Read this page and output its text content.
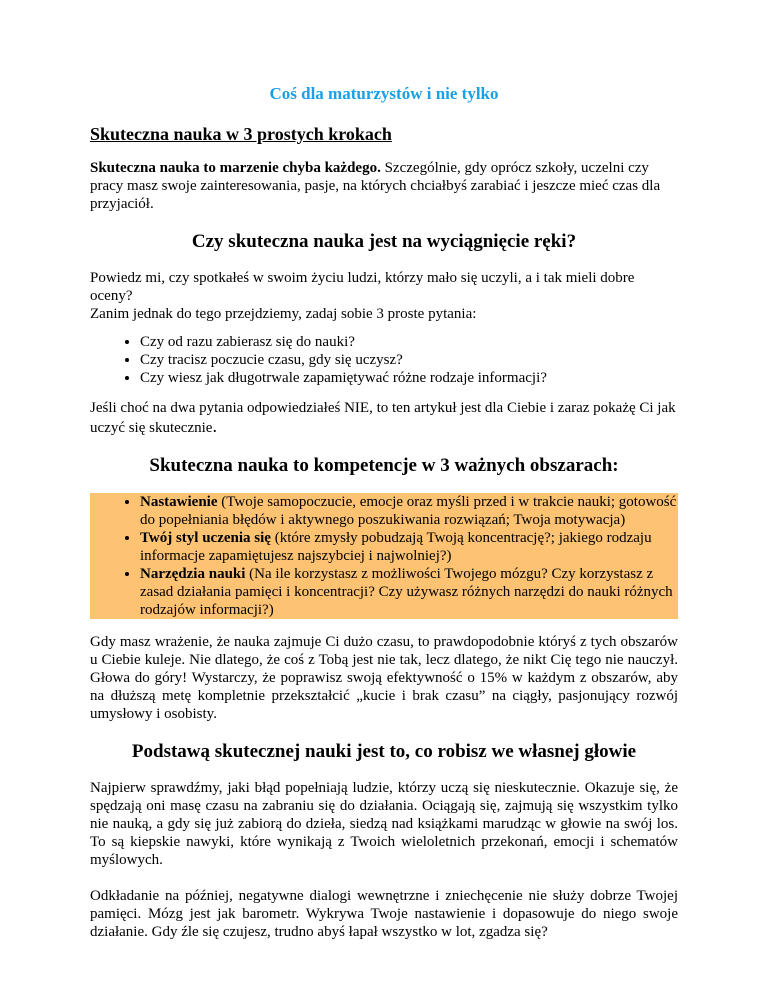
Coś dla maturzystów i nie tylko
Skuteczna nauka w 3 prostych krokach

Skuteczna nauka to marzenie chyba każdego. Szczególnie, gdy oprócz szkoły, uczelni czy pracy masz swoje zainteresowania, pasje, na których chciałbyś zarabiać i jeszcze mieć czas dla przyjaciół.

Czy skuteczna nauka jest na wyciągnięcie ręki?

Powiedz mi, czy spotkałeś w swoim życiu ludzi, którzy mało się uczyli, a i tak mieli dobre oceny?

Zanim jednak do tego przejdziemy, zadaj sobie 3 proste pytania:

• Czy od razu zabierasz się do nauki?
• Czy tracisz poczucie czasu, gdy się uczysz?
• Czy wiesz jak długotrwale zapamiętywać różne rodzaje informacji?

Jeśli choć na dwa pytania odpowiedziałeś NIE, to ten artykuł jest dla Ciebie i zaraz pokażę Ci jak uczyć się skutecznie.

Skuteczna nauka to kompetencje w 3 ważnych obszarach:
• Nastawienie (Twoje samopoczucie, emocje oraz myśli przed i w trakcie nauki; gotowość do popełniania błędów i aktywnego poszukiwania rozwiązań; Twoja motywacja)
• Twój styl uczenia się (które zmysły pobudzają Twoją koncentrację?; jakiego rodzaju informacje zapamiętujesz najszybciej i najwolniej?)
• Narzędzia nauki (Na ile korzystasz z możliwości Twojego mózgu? Czy korzystasz z zasad działania pamięci i koncentracji? Czy używasz różnych narzędzi do nauki różnych rodzajów informacji?)

Gdy masz wrażenie, że nauka zajmuje Ci dużo czasu, to prawdopodobnie któryś z tych obszarów u Ciebie kuleje. Nie dlatego, że coś z Tobą jest nie tak, lecz dlatego, że nikt Cię tego nie nauczył. Głowa do góry! Wystarczy, że poprawisz swoją efektywność o 15% w każdym z obszarów, aby na dłuższą metę kompletnie przekształcić „kucie i brak czasu” na ciągły, pasjonujący rozwój umysłowy i osobisty.

Podstawą skutecznej nauki jest to, co robisz we własnej głowie

Najpierw sprawdźmy, jaki błąd popełniają ludzie, którzy uczą się nieskutecznie. Okazuje się, że spędzają oni masę czasu na zabraniu się do działania. Ociągają się, zajmują się wszystkim tylko nie nauką, a gdy się już zabiorą do dzieła, siedzą nad książkami marudząc w głowie na swój los. To są kiepskie nawyki, które wynikają z Twoich wieloletnich przekonań, emocji i schematów myślowych.

Odkładanie na później, negatywne dialogi wewnętrzne i zniechęcenie nie służy dobrze Twojej pamięci. Mózg jest jak barometr. Wykrywa Twoje nastawienie i dopasowuje do niego swoje działanie. Gdy źle się czujesz, trudno abyś łapał wszystko w lot, zgadza się?
